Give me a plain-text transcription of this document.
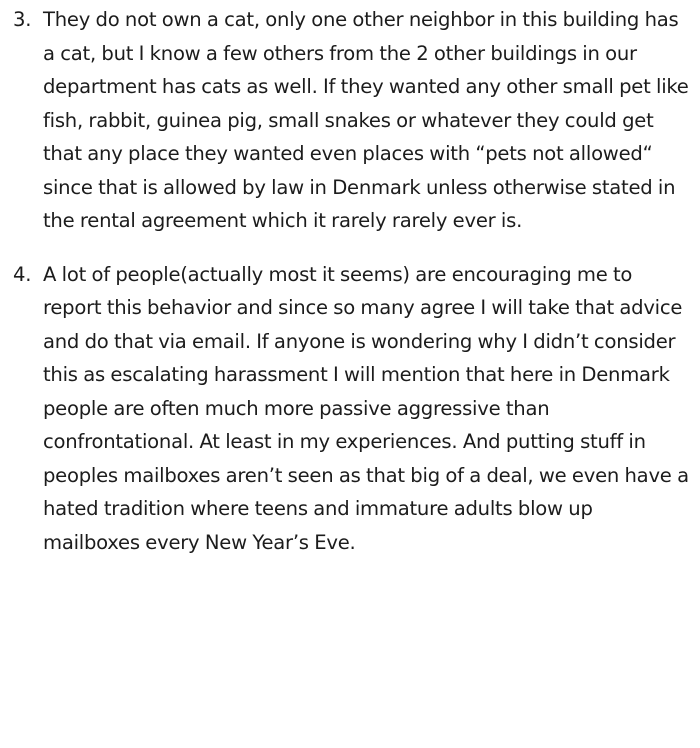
3. They do not own a cat, only one other neighbor in this building has a cat, but I know a few others from the 2 other buildings in our department has cats as well. If they wanted any other small pet like fish, rabbit, guinea pig, small snakes or whatever they could get that any place they wanted even places with “pets not allowed“ since that is allowed by law in Denmark unless otherwise stated in the rental agreement which it rarely rarely ever is.
4. A lot of people(actually most it seems) are encouraging me to report this behavior and since so many agree I will take that advice and do that via email. If anyone is wondering why I didn’t consider this as escalating harassment I will mention that here in Denmark people are often much more passive aggressive than confrontational. At least in my experiences. And putting stuff in peoples mailboxes aren’t seen as that big of a deal, we even have a hated tradition where teens and immature adults blow up mailboxes every New Year’s Eve.
